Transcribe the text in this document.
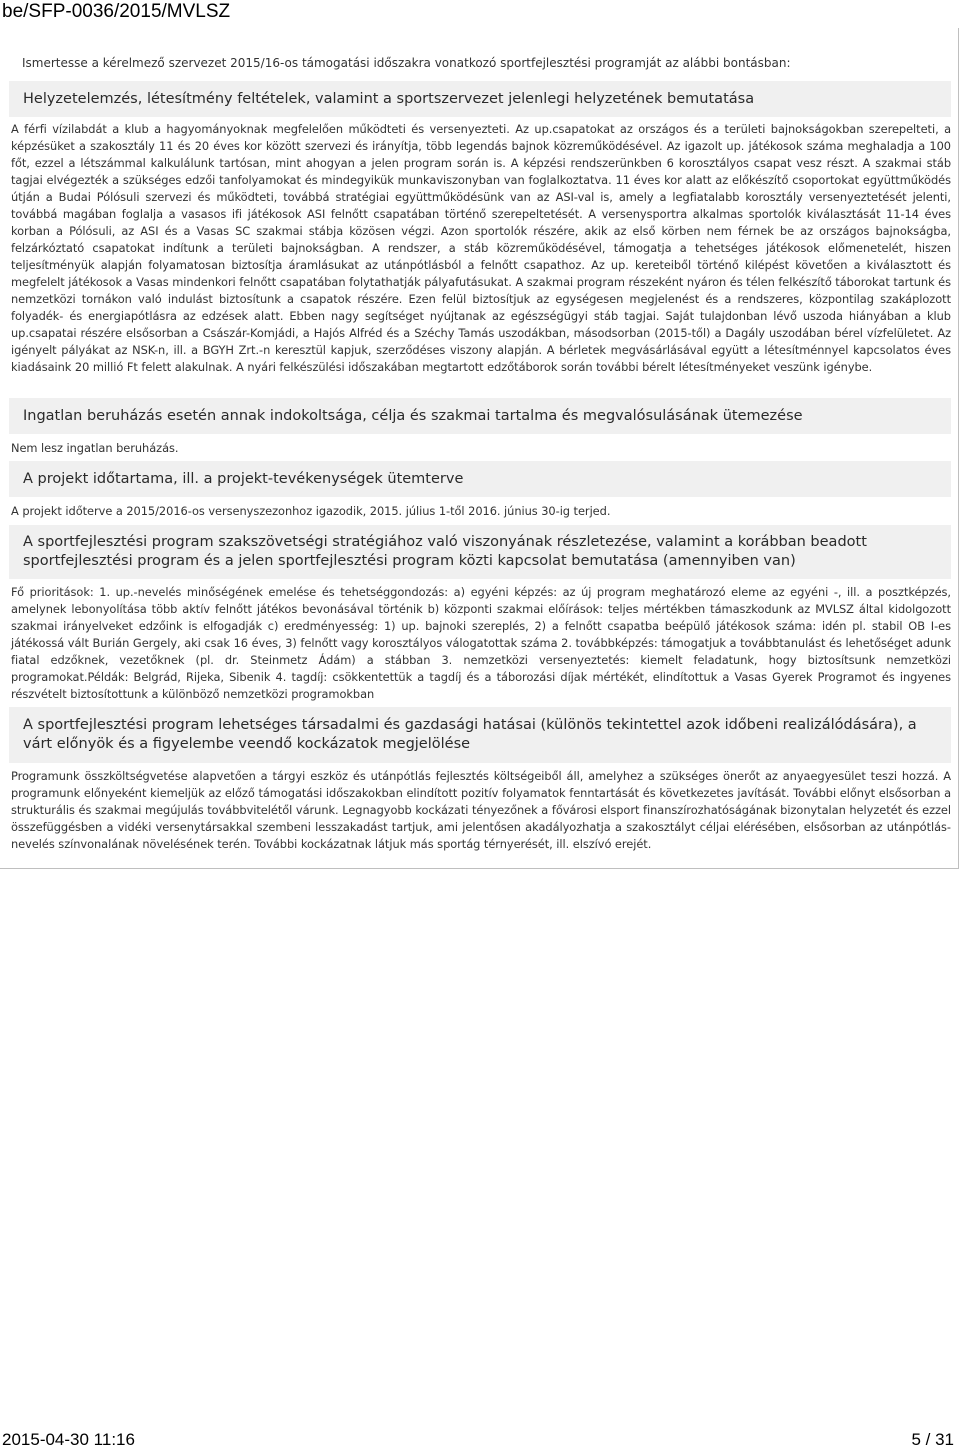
be/SFP-0036/2015/MVLSZ
Ismertesse a kérelmező szervezet 2015/16-os támogatási időszakra vonatkozó sportfejlesztési programját az alábbi bontásban:
Helyzetelemzés, létesítmény feltételek, valamint a sportszervezet jelenlegi helyzetének bemutatása
A férfi vízilabdát a klub a hagyományoknak megfelelően működteti és versenyezteti. Az up.csapatokat az országos és a területi bajnokságokban szerepelteti, a képzésüket a szakosztály 11 és 20 éves kor között szervezi és irányítja, több legendás bajnok közreműködésével. Az igazolt up. játékosok száma meghaladja a 100 főt, ezzel a létszámmal kalkulálunk tartósan, mint ahogyan a jelen program során is. A képzési rendszerünkben 6 korosztályos csapat vesz részt. A szakmai stáb tagjai elvégezték a szükséges edzői tanfolyamokat és mindegyikük munkaviszonyban van foglalkoztatva. 11 éves kor alatt az előkészítő csoportokat együttműködés útján a Budai Pólósuli szervezi és működteti, továbbá stratégiai együttműködésünk van az ASI-val is, amely a legfiatalabb korosztály versenyeztetését jelenti, továbbá magában foglalja a vasasos ifi játékosok ASI felnőtt csapatában történő szerepeltetését. A versenysportra alkalmas sportolók kiválasztását 11-14 éves korban a Pólósuli, az ASI és a Vasas SC szakmai stábja közösen végzi. Azon sportolók részére, akik az első körben nem férnek be az országos bajnokságba, felzárkóztató csapatokat indítunk a területi bajnokságban. A rendszer, a stáb közreműködésével, támogatja a tehetséges játékosok előmenetelét, hiszen teljesítményük alapján folyamatosan biztosítja áramlásukat az utánpótlásból a felnőtt csapathoz. Az up. kereteiből történő kilépést követően a kiválasztott és megfelelt játékosok a Vasas mindenkori felnőtt csapatában folytathatják pályafutásukat. A szakmai program részeként nyáron és télen felkészítő táborokat tartunk és nemzetközi tornákon való indulást biztosítunk a csapatok részére. Ezen felül biztosítjuk az egységesen megjelenést és a rendszeres, központilag szakáplozott folyadék- és energiapótlásra az edzések alatt. Ebben nagy segítséget nyújtanak az egészségügyi stáb tagjai. Saját tulajdonban lévő uszoda hiányában a klub up.csapatai részére elsősorban a Császár-Komjádi, a Hajós Alfréd és a Széchy Tamás uszodákban, másodsorban (2015-től) a Dagály uszodában bérel vízfelületet. Az igényelt pályákat az NSK-n, ill. a BGYH Zrt.-n keresztül kapjuk, szerződéses viszony alapján. A bérletek megvásárlásával együtt a létesítménnyel kapcsolatos éves kiadásaink 20 millió Ft felett alakulnak. A nyári felkészülési időszakában megtartott edzőtáborok során további bérelt létesítményeket veszünk igénybe.
Ingatlan beruházás esetén annak indokoltsága, célja és szakmai tartalma és megvalósulásának ütemezése
Nem lesz ingatlan beruházás.
A projekt időtartama, ill. a projekt-tevékenységek ütemterve
A projekt időterve a 2015/2016-os versenyszezonhoz igazodik, 2015. július 1-től 2016. június 30-ig terjed.
A sportfejlesztési program szakszövetségi stratégiához való viszonyának részletezése, valamint a korábban beadott sportfejlesztési program és a jelen sportfejlesztési program közti kapcsolat bemutatása (amennyiben van)
Fő prioritások: 1. up.-nevelés minőségének emelése és tehetséggondozás: a) egyéni képzés: az új program meghatározó eleme az egyéni -, ill. a posztképzés, amelynek lebonyolítása több aktív felnőtt játékos bevonásával történik b) központi szakmai előírások: teljes mértékben támaszkodunk az MVLSZ által kidolgozott szakmai irányelveket edzőink is elfogadják c) eredményesség: 1) up. bajnoki szereplés, 2) a felnőtt csapatba beépülő játékosok száma: idén pl. stabil OB I-es játékossá vált Burián Gergely, aki csak 16 éves, 3) felnőtt vagy korosztályos válogatottak száma 2. továbbképzés: támogatjuk a továbbtanulást és lehetőséget adunk fiatal edzőknek, vezetőknek (pl. dr. Steinmetz Ádám) a stábban 3. nemzetközi versenyeztetés: kiemelt feladatunk, hogy biztosítsunk nemzetközi programokat.Példák: Belgrád, Rijeka, Sibenik 4. tagdíj: csökkentettük a tagdíj és a táborozási díjak mértékét, elindítottuk a Vasas Gyerek Programot és ingyenes részvételt biztosítottunk a különböző nemzetközi programokban
A sportfejlesztési program lehetséges társadalmi és gazdasági hatásai (különös tekintettel azok időbeni realizálódására), a várt előnyök és a figyelembe veendő kockázatok megjelölése
Programunk összköltségvetése alapvetően a tárgyi eszköz és utánpótlás fejlesztés költségeiből áll, amelyhez a szükséges önerőt az anyaegyesület teszi hozzá. A programunk előnyeként kiemeljük az előző támogatási időszakokban elindított pozitív folyamatok fenntartását és következetes javítását. További előnyt elsősorban a strukturális és szakmai megújulás továbbvitelétől várunk. Legnagyobb kockázati tényezőnek a fővárosi elsport finanszírozhatóságának bizonytalan helyzetét és ezzel összefüggésben a vidéki versenytársakkal szembeni lesszakadást tartjuk, ami jelentősen akadályozhatja a szakosztályt céljai elérésében, elsősorban az utánpótlás-nevelés színvonalának növelésének terén. További kockázatnak látjuk más sportág térnyerését, ill. elszívó erejét.
2015-04-30 11:16	5 / 31
